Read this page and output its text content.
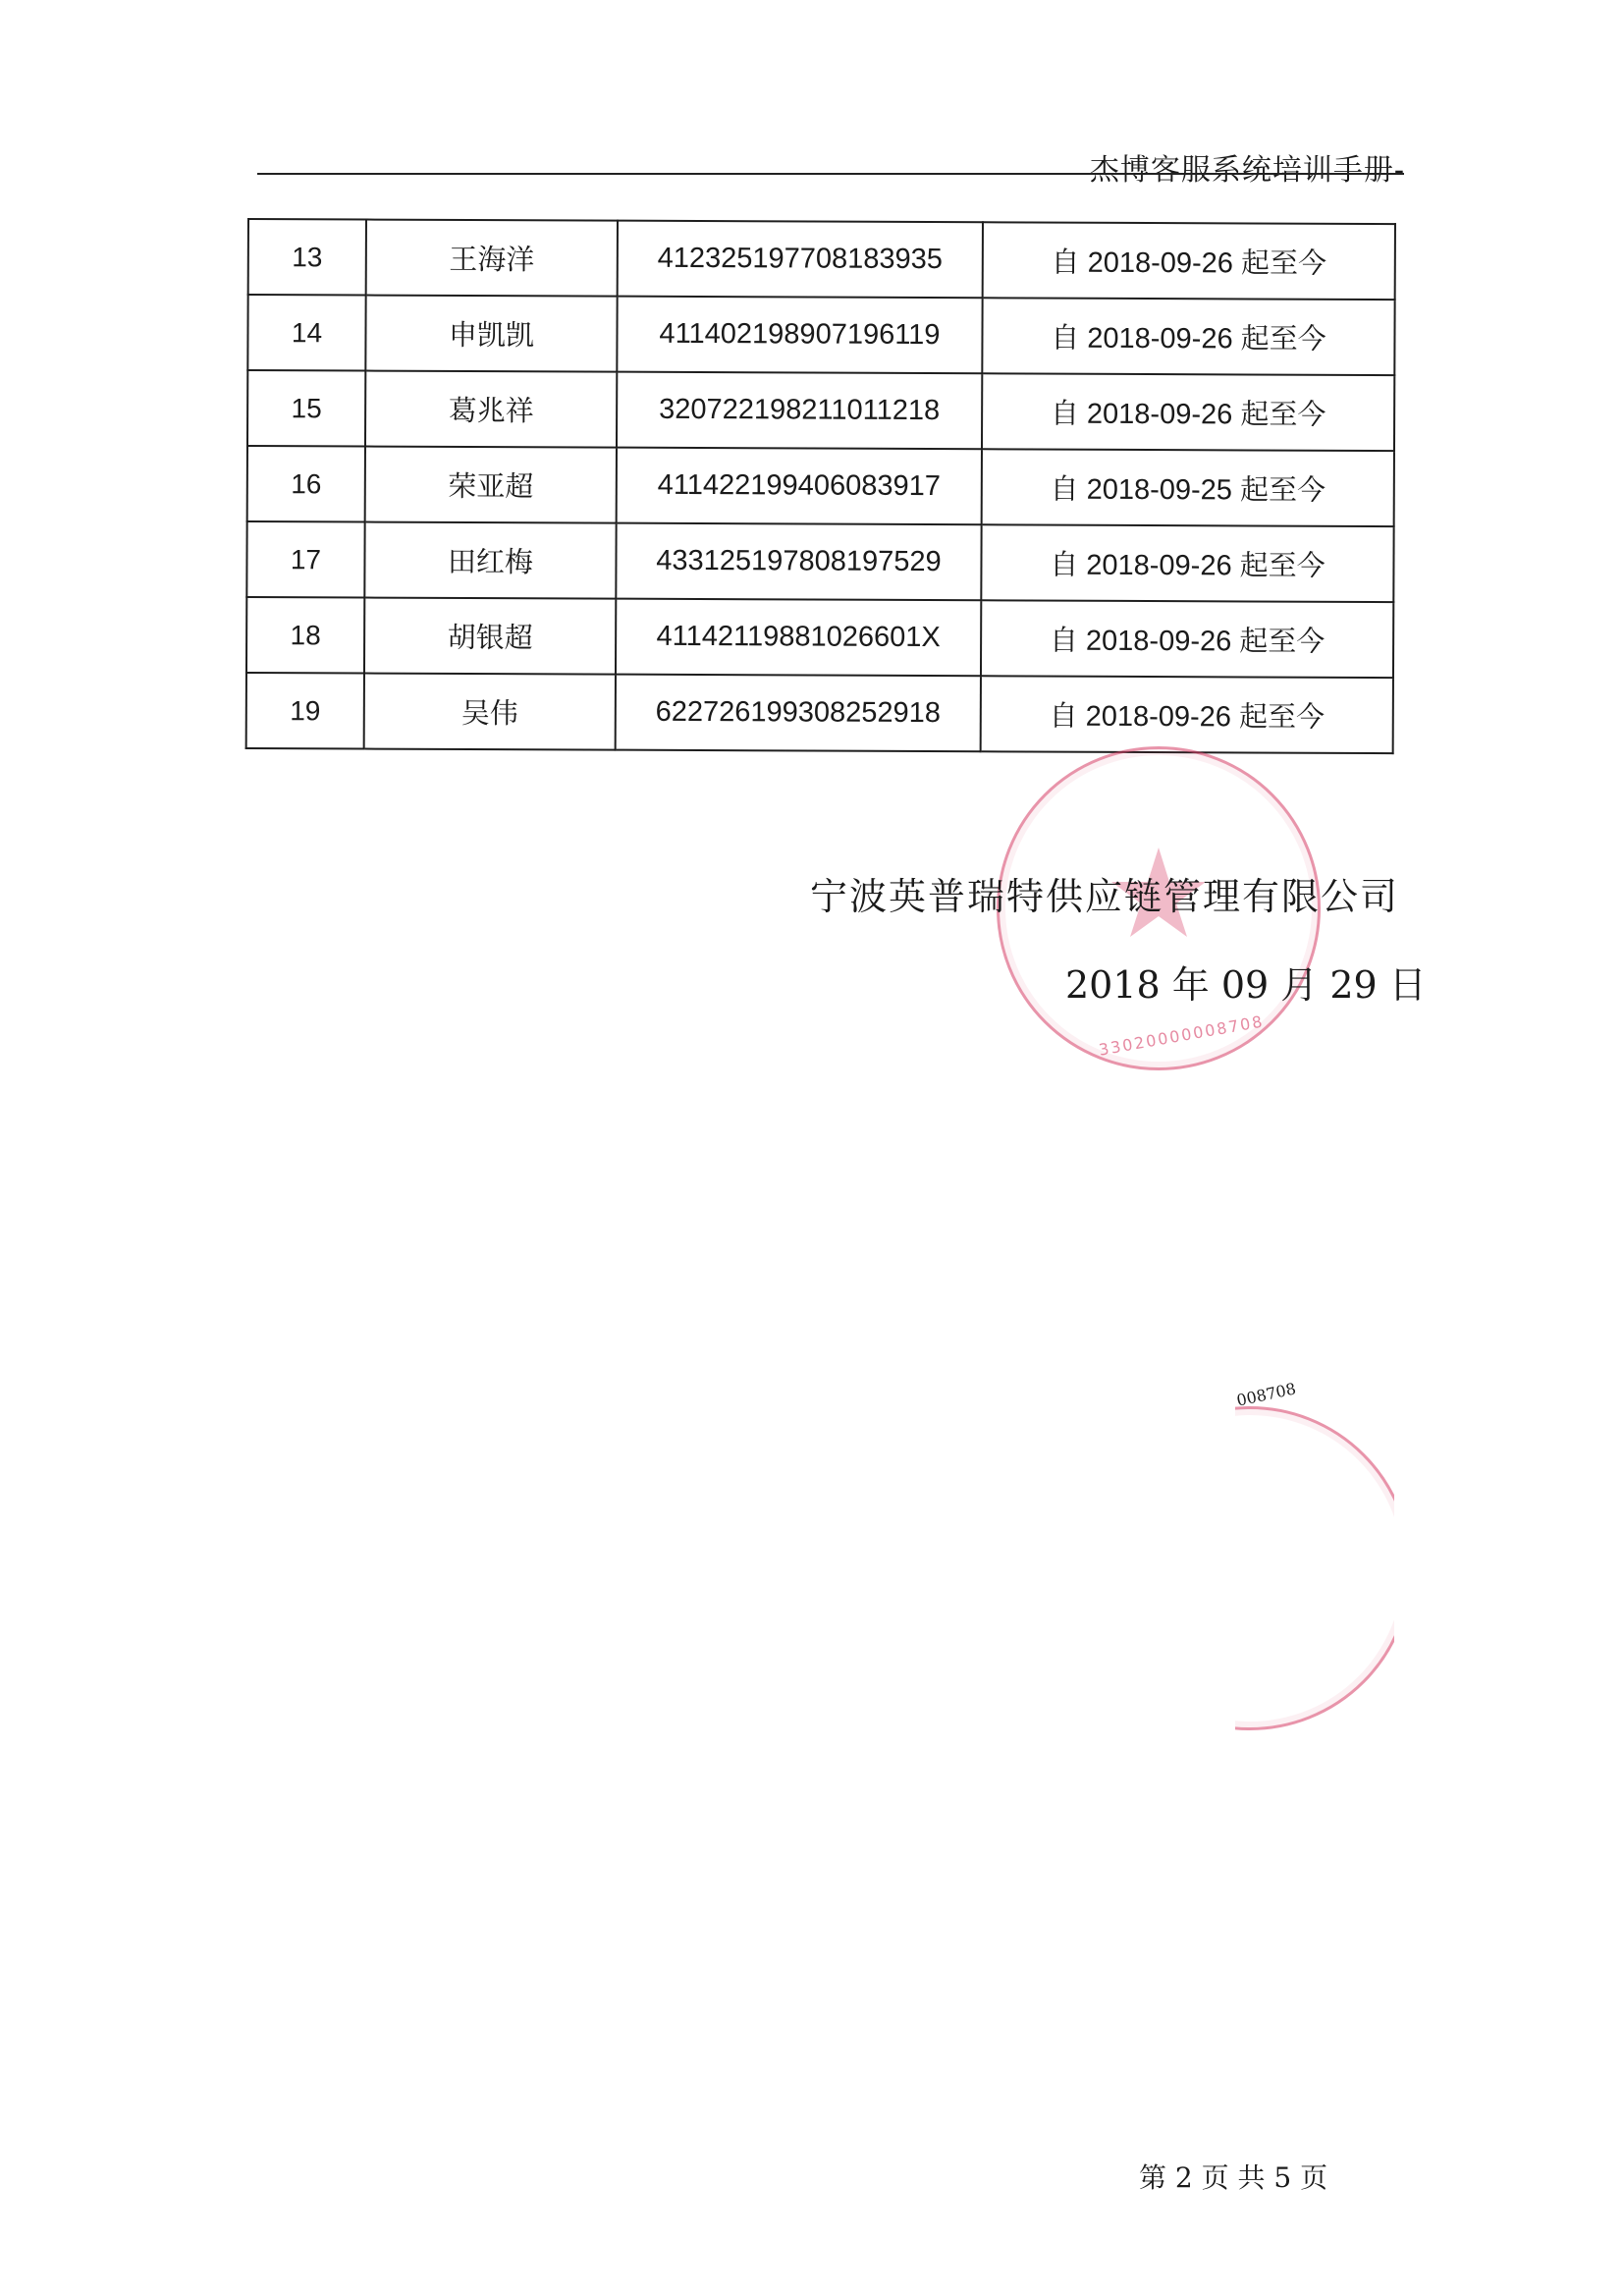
杰博客服系统培训手册-
13	王海洋	412325197708183935	自 2018-09-26 起至今
14	申凯凯	411402198907196119	自 2018-09-26 起至今
15	葛兆祥	320722198211011218	自 2018-09-26 起至今
16	荣亚超	411422199406083917	自 2018-09-25 起至今
17	田红梅	433125197808197529	自 2018-09-26 起至今
18	胡银超	41142119881026601X	自 2018-09-26 起至今
19	吴伟	622726199308252918	自 2018-09-26 起至今
33020000008708
宁波英普瑞特供应链管理有限公司
2018 年 09 月 29 日
008708
第 2 页 共 5 页
